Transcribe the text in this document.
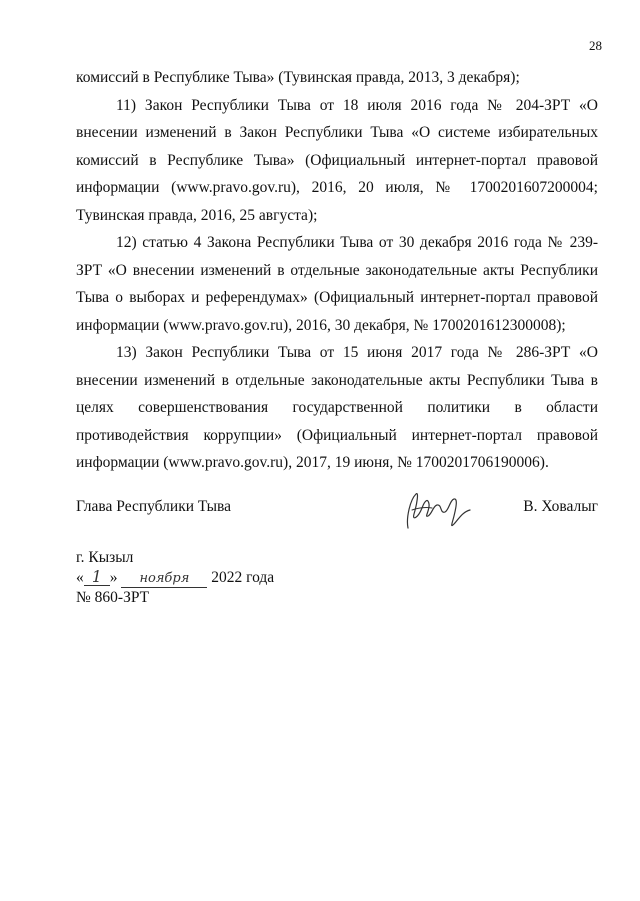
28

комиссий в Республике Тыва» (Тувинская правда, 2013, 3 декабря);

11) Закон Республики Тыва от 18 июля 2016 года № 204-ЗРТ «О внесении изменений в Закон Республики Тыва «О системе избирательных комиссий в Республике Тыва» (Официальный интернет-портал правовой информации (www.pravo.gov.ru), 2016, 20 июля, № 1700201607200004; Тувинская правда, 2016, 25 августа);

12) статью 4 Закона Республики Тыва от 30 декабря 2016 года № 239-ЗРТ «О внесении изменений в отдельные законодательные акты Республики Тыва о выборах и референдумах» (Официальный интернет-портал правовой информации (www.pravo.gov.ru), 2016, 30 декабря, № 1700201612300008);

13) Закон Республики Тыва от 15 июня 2017 года № 286-ЗРТ «О внесении изменений в отдельные законодательные акты Республики Тыва в целях совершенствования государственной политики в области противодействия коррупции» (Официальный интернет-портал правовой информации (www.pravo.gov.ru), 2017, 19 июня, № 1700201706190006).

Глава Республики Тыва	В. Ховалыг
г. Кызыл
« 1 » ноября 2022 года
№ 860-ЗРТ
